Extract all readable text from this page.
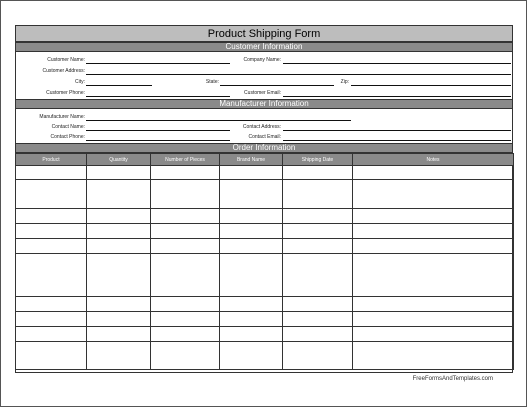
Product Shipping Form
Customer Information
Customer Name:	Company Name:
Customer Address:
City:	State:	Zip:
Customer Phone:	Customer Email:
Manufacturer Information
Manufacturer Name:
Contact Name:	Contact Address:
Contact Phone:	Contact Email:
Order Information
Product	Quantity	Number of Pieces	Brand Name	Shipping Date	Notes

FreeFormsAndTemplates.com
